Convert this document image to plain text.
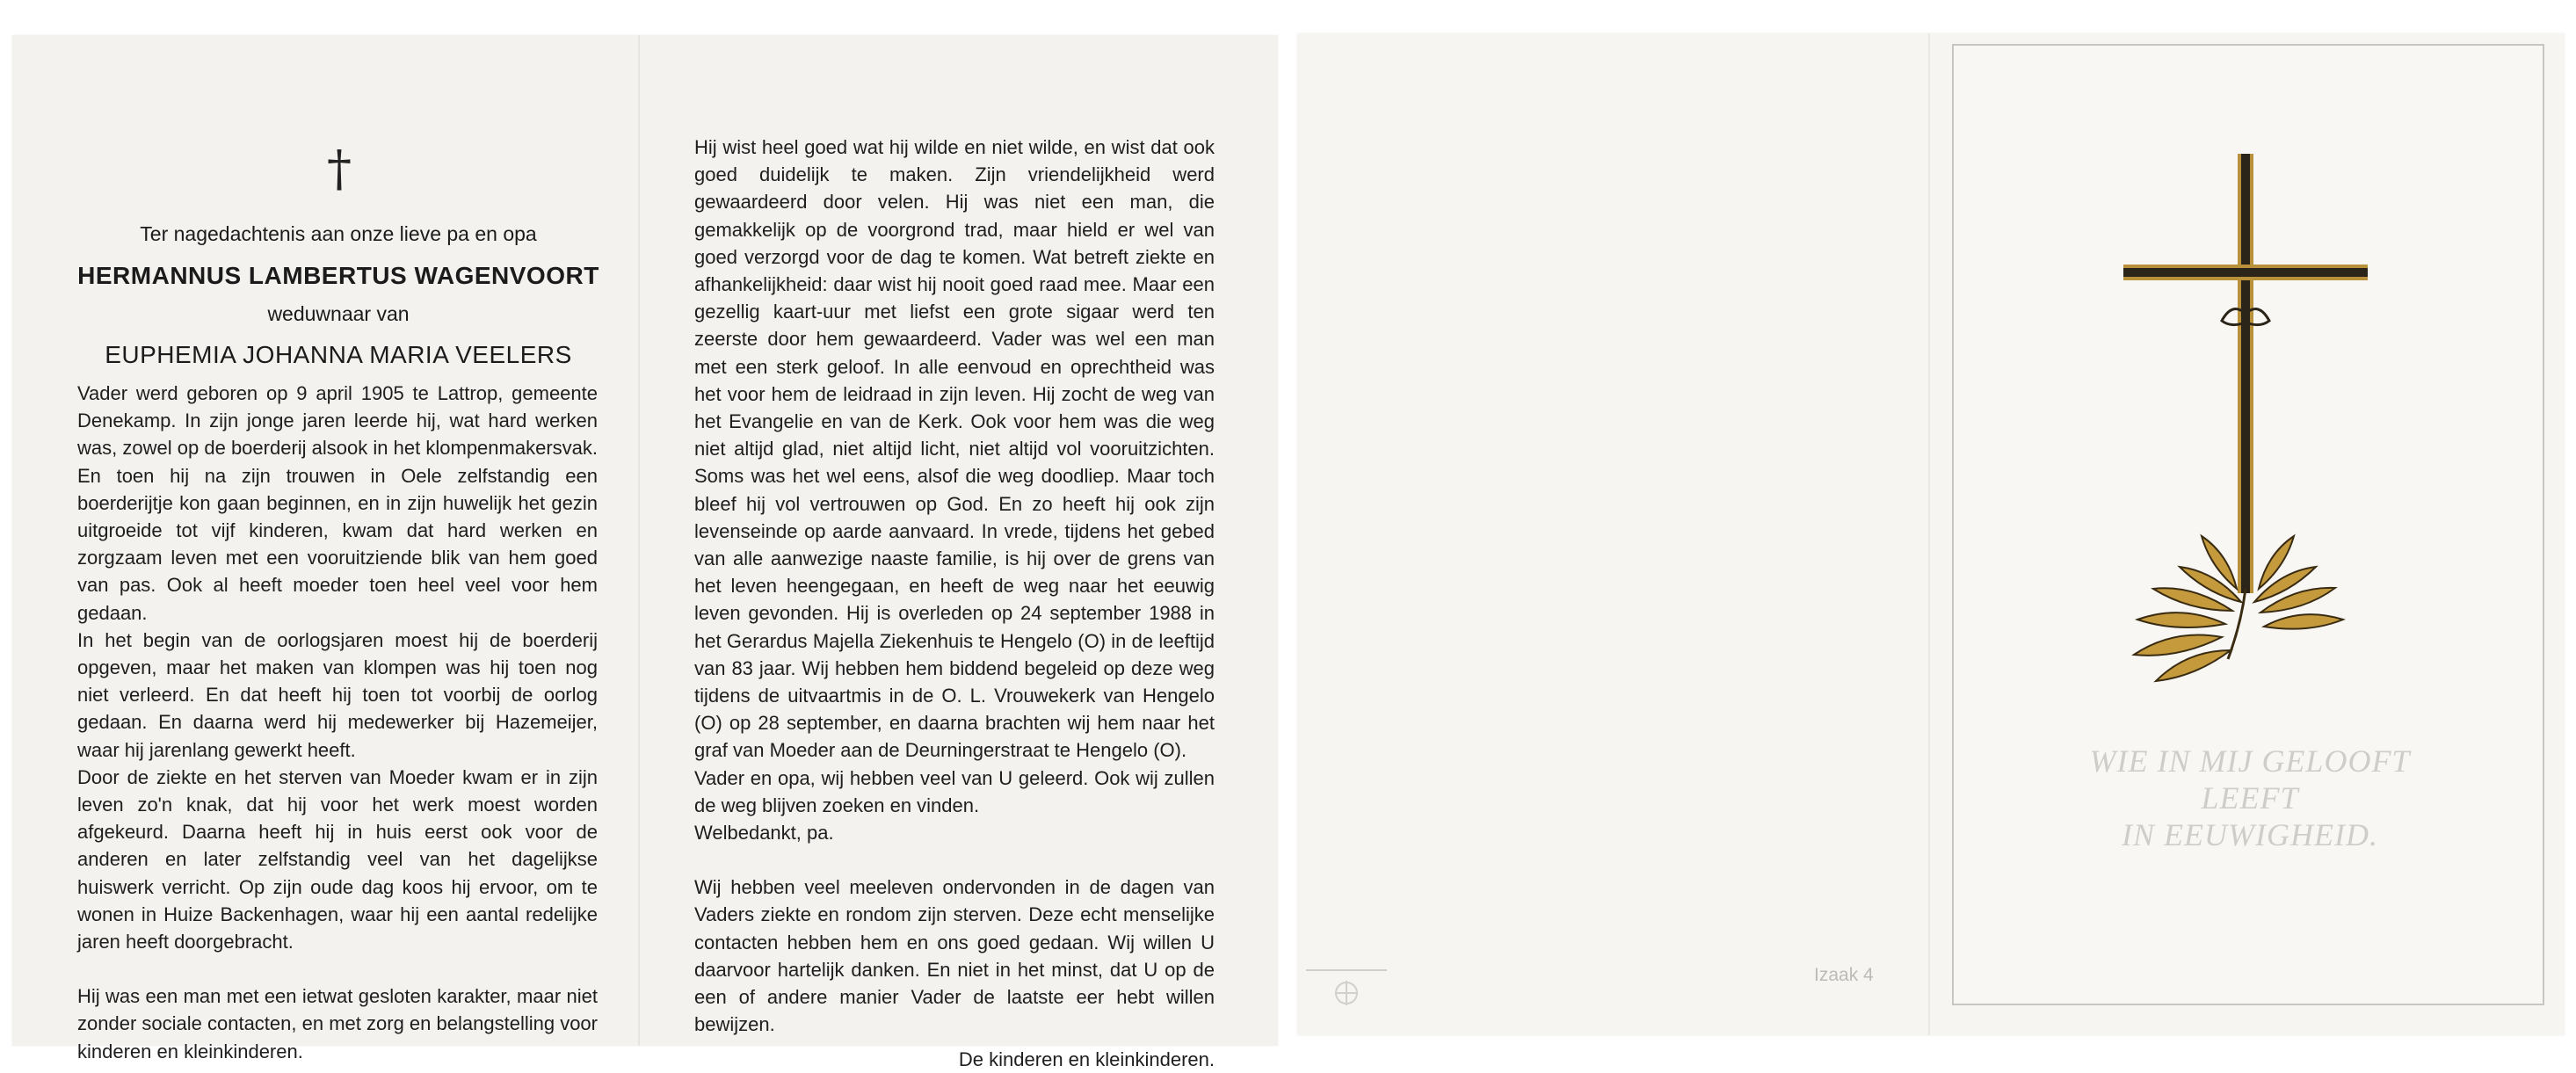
†
Ter nagedachtenis aan onze lieve pa en opa
HERMANNUS LAMBERTUS WAGENVOORT
weduwnaar van
EUPHEMIA JOHANNA MARIA VEELERS

Vader werd geboren op 9 april 1905 te Lattrop, gemeente Denekamp. In zijn jonge jaren leerde hij, wat hard werken was, zowel op de boerderij alsook in het klompenmakersvak. En toen hij na zijn trouwen in Oele zelfstandig een boerderijtje kon gaan beginnen, en in zijn huwelijk het gezin uitgroeide tot vijf kinderen, kwam dat hard werken en zorgzaam leven met een vooruitziende blik van hem goed van pas. Ook al heeft moeder toen heel veel voor hem gedaan.

In het begin van de oorlogsjaren moest hij de boerderij opgeven, maar het maken van klompen was hij toen nog niet verleerd. En dat heeft hij toen tot voorbij de oorlog gedaan. En daarna werd hij medewerker bij Hazemeijer, waar hij jarenlang gewerkt heeft.

Door de ziekte en het sterven van Moeder kwam er in zijn leven zo'n knak, dat hij voor het werk moest worden afgekeurd. Daarna heeft hij in huis eerst ook voor de anderen en later zelfstandig veel van het dagelijkse huiswerk verricht. Op zijn oude dag koos hij ervoor, om te wonen in Huize Backenhagen, waar hij een aantal redelijke jaren heeft doorgebracht.

Hij was een man met een ietwat gesloten karakter, maar niet zonder sociale contacten, en met zorg en belangstelling voor kinderen en kleinkinderen.

Hij wist heel goed wat hij wilde en niet wilde, en wist dat ook goed duidelijk te maken. Zijn vriendelijkheid werd gewaardeerd door velen. Hij was niet een man, die gemakkelijk op de voorgrond trad, maar hield er wel van goed verzorgd voor de dag te komen. Wat betreft ziekte en afhankelijkheid: daar wist hij nooit goed raad mee. Maar een gezellig kaart-uur met liefst een grote sigaar werd ten zeerste door hem gewaardeerd. Vader was wel een man met een sterk geloof. In alle eenvoud en oprechtheid was het voor hem de leidraad in zijn leven. Hij zocht de weg van het Evangelie en van de Kerk. Ook voor hem was die weg niet altijd glad, niet altijd licht, niet altijd vol vooruitzichten. Soms was het wel eens, alsof die weg doodliep. Maar toch bleef hij vol vertrouwen op God. En zo heeft hij ook zijn levenseinde op aarde aanvaard. In vrede, tijdens het gebed van alle aanwezige naaste familie, is hij over de grens van het leven heengegaan, en heeft de weg naar het eeuwig leven gevonden. Hij is overleden op 24 september 1988 in het Gerardus Majella Ziekenhuis te Hengelo (O) in de leeftijd van 83 jaar. Wij hebben hem biddend begeleid op deze weg tijdens de uitvaartmis in de O. L. Vrouwekerk van Hengelo (O) op 28 september, en daarna brachten wij hem naar het graf van Moeder aan de Deurningerstraat te Hengelo (O).

Vader en opa, wij hebben veel van U geleerd. Ook wij zullen de weg blijven zoeken en vinden.

Welbedankt, pa.

Wij hebben veel meeleven ondervonden in de dagen van Vaders ziekte en rondom zijn sterven. Deze echt menselijke contacten hebben hem en ons goed gedaan. Wij willen U daarvoor hartelijk danken. En niet in het minst, dat U op de een of andere manier Vader de laatste eer hebt willen bewijzen.

De kinderen en kleinkinderen.

WIE IN MIJ GELOOFT
LEEFT
IN EEUWIGHEID.
Izaak 4
